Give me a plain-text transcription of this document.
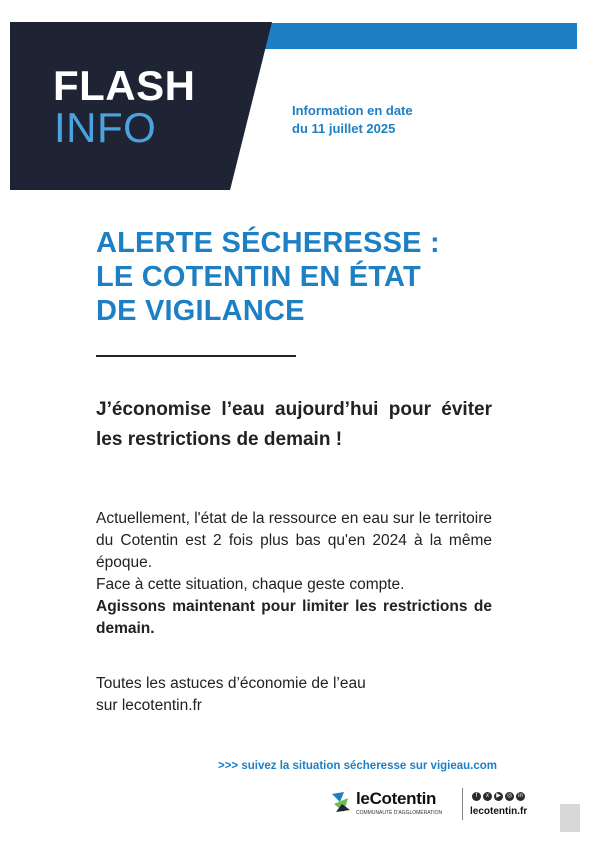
FLASH
INFO	Information en date
du 11 juillet 2025
ALERTE SÉCHERESSE :
LE COTENTIN EN ÉTAT
DE VIGILANCE
J’économise l’eau aujourd’hui pour éviter les restrictions de demain !

Actuellement, l'état de la ressource en eau sur le territoire du Cotentin est 2 fois plus bas qu'en 2024 à la même époque.

Face à cette situation, chaque geste compte.

Agissons maintenant pour limiter les restrictions de demain.

Toutes les astuces d’économie de l’eau
sur lecotentin.fr
>>> suivez la situation sécheresse sur vigieau.com
leCotentin
COMMUNAUTÉ D'AGGLOMÉRATION
f	x	▶	◎	in
lecotentin.fr
